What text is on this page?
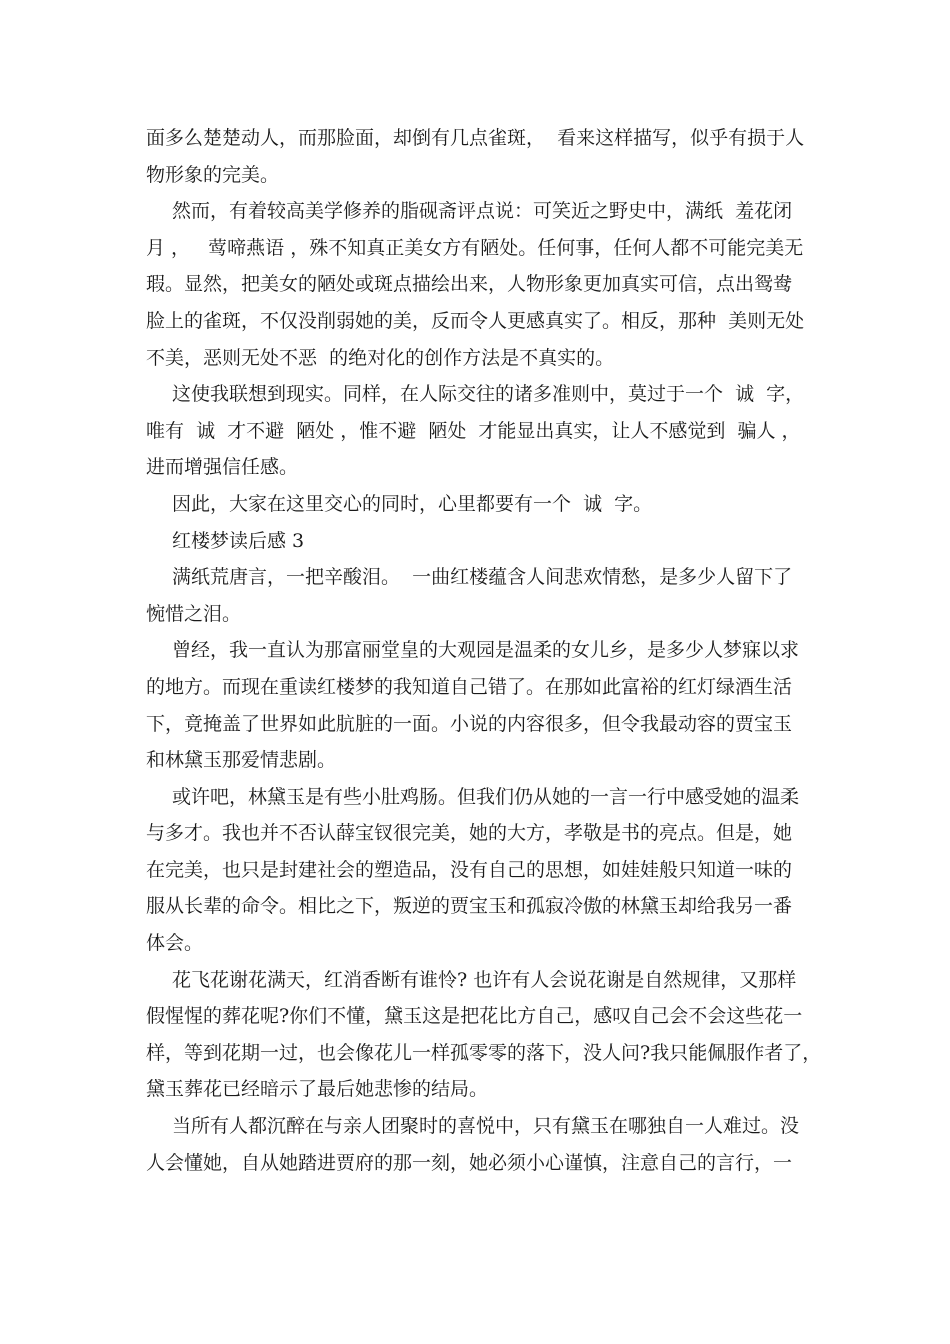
面多么楚楚动人，而那脸面，却倒有几点雀斑，  看来这样描写，似乎有损于人
物形象的完美。
然而，有着较高美学修养的脂砚斋评点说：可笑近之野史中，满纸  羞花闭
月 ，   莺啼燕语 ，殊不知真正美女方有陋处。任何事，任何人都不可能完美无
瑕。显然，把美女的陋处或斑点描绘出来，人物形象更加真实可信，点出鸳鸯
脸上的雀斑，不仅没削弱她的美，反而令人更感真实了。相反，那种  美则无处
不美，恶则无处不恶  的绝对化的创作方法是不真实的。
这使我联想到现实。同样，在人际交往的诸多准则中，莫过于一个  诚  字，
唯有  诚  才不避  陋处 ，惟不避  陋处  才能显出真实，让人不感觉到  骗人 ，
进而增强信任感。
因此，大家在这里交心的同时，心里都要有一个  诚  字。
红楼梦读后感 3
满纸荒唐言，一把辛酸泪。  一曲红楼蕴含人间悲欢情愁，是多少人留下了
惋惜之泪。
曾经，我一直认为那富丽堂皇的大观园是温柔的女儿乡，是多少人梦寐以求
的地方。而现在重读红楼梦的我知道自己错了。在那如此富裕的红灯绿酒生活
下，竟掩盖了世界如此肮脏的一面。小说的内容很多，但令我最动容的贾宝玉
和林黛玉那爱情悲剧。
或许吧，林黛玉是有些小肚鸡肠。但我们仍从她的一言一行中感受她的温柔
与多才。我也并不否认薛宝钗很完美，她的大方，孝敬是书的亮点。但是，她
在完美，也只是封建社会的塑造品，没有自己的思想，如娃娃般只知道一味的
服从长辈的命令。相比之下，叛逆的贾宝玉和孤寂冷傲的林黛玉却给我另一番
体会。
花飞花谢花满天，红消香断有谁怜? 也许有人会说花谢是自然规律，又那样
假惺惺的葬花呢?你们不懂，黛玉这是把花比方自己，感叹自己会不会这些花一
样，等到花期一过，也会像花儿一样孤零零的落下，没人问?我只能佩服作者了，
黛玉葬花已经暗示了最后她悲惨的结局。
当所有人都沉醉在与亲人团聚时的喜悦中，只有黛玉在哪独自一人难过。没
人会懂她，自从她踏进贾府的那一刻，她必须小心谨慎，注意自己的言行，一
